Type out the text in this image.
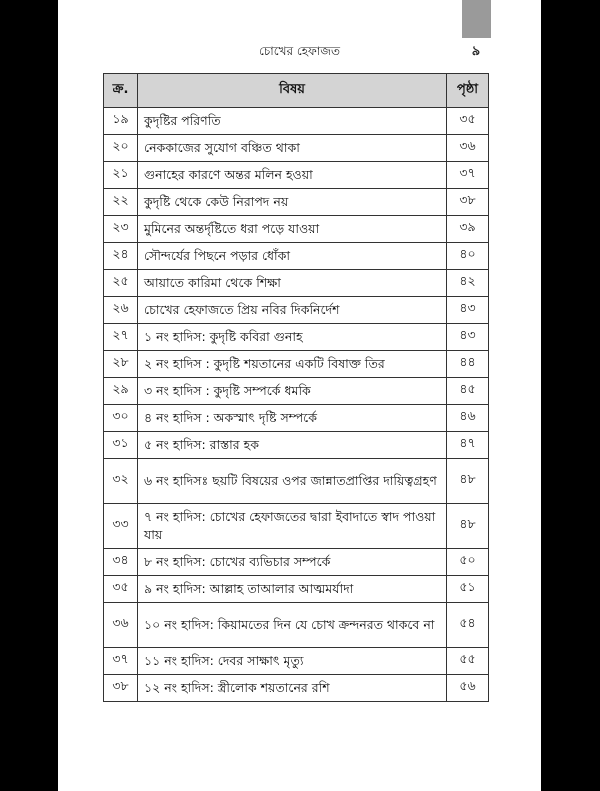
চোখের হেফাজত	৯
ক্র.	বিষয়	পৃষ্ঠা
১৯	কুদৃষ্টির পরিণতি	৩৫
২০	নেককাজের সুযোগ বঞ্চিত থাকা	৩৬
২১	গুনাহের কারণে অন্তর মলিন হওয়া	৩৭
২২	কুদৃষ্টি থেকে কেউ নিরাপদ নয়	৩৮
২৩	মুমিনের অন্তর্দৃষ্টিতে ধরা পড়ে যাওয়া	৩৯
২৪	সৌন্দর্যের পিছনে পড়ার ধোঁকা	৪০
২৫	আয়াতে কারিমা থেকে শিক্ষা	৪২
২৬	চোখের হেফাজতে প্রিয় নবির দিকনির্দেশ	৪৩
২৭	১ নং হাদিস: কুদৃষ্টি কবিরা গুনাহ	৪৩
২৮	২ নং হাদিস : কুদৃষ্টি শয়তানের একটি বিষাক্ত তির	৪৪
২৯	৩ নং হাদিস : কুদৃষ্টি সম্পর্কে ধমকি	৪৫
৩০	৪ নং হাদিস : অকস্মাৎ দৃষ্টি সম্পর্কে	৪৬
৩১	৫ নং হাদিস: রাস্তার হক	৪৭
৩২	৬ নং হাদিসঃ ছয়টি বিষয়ের ওপর জান্নাতপ্রাপ্তির দায়িত্বগ্রহণ	৪৮
৩৩	৭ নং হাদিস: চোখের হেফাজতের দ্বারা ইবাদাতে স্বাদ পাওয়া যায়	৪৮
৩৪	৮ নং হাদিস: চোখের ব্যভিচার সম্পর্কে	৫০
৩৫	৯ নং হাদিস: আল্লাহ তাআলার আত্মমর্যাদা	৫১
৩৬	১০ নং হাদিস: কিয়ামতের দিন যে চোখ ক্রন্দনরত থাকবে না	৫৪
৩৭	১১ নং হাদিস: দেবর সাক্ষাৎ মৃত্যু	৫৫
৩৮	১২ নং হাদিস: স্ত্রীলোক শয়তানের রশি	৫৬
